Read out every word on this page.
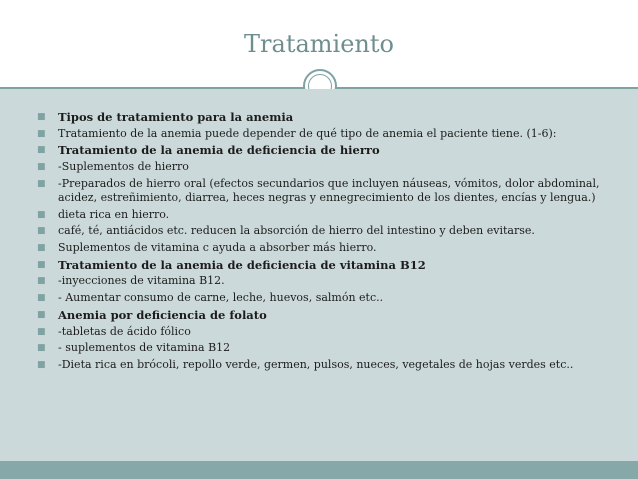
Tratamiento
■ Tipos de tratamiento para la anemia
■ Tratamiento de la anemia puede depender de qué tipo de anemia el paciente tiene. (1-6):
■ Tratamiento de la anemia de deficiencia de hierro
■ -Suplementos de hierro
■ -Preparados de hierro oral (efectos secundarios que incluyen náuseas, vómitos, dolor abdominal, acidez, estreñimiento, diarrea, heces negras y ennegrecimiento de los dientes, encías y lengua.)
■ dieta rica en hierro.
■ café, té, antiácidos etc. reducen la absorción de hierro del intestino y deben evitarse.
■ Suplementos de vitamina c ayuda a absorber más hierro.
■ Tratamiento de la anemia de deficiencia de vitamina B12
■ -inyecciones de vitamina B12.
■ - Aumentar consumo de carne, leche, huevos, salmón etc..
■ Anemia por deficiencia de folato
■ -tabletas de ácido fólico
■ - suplementos de vitamina B12
■ -Dieta rica en brócoli, repollo verde, germen, pulsos, nueces, vegetales de hojas verdes etc..
